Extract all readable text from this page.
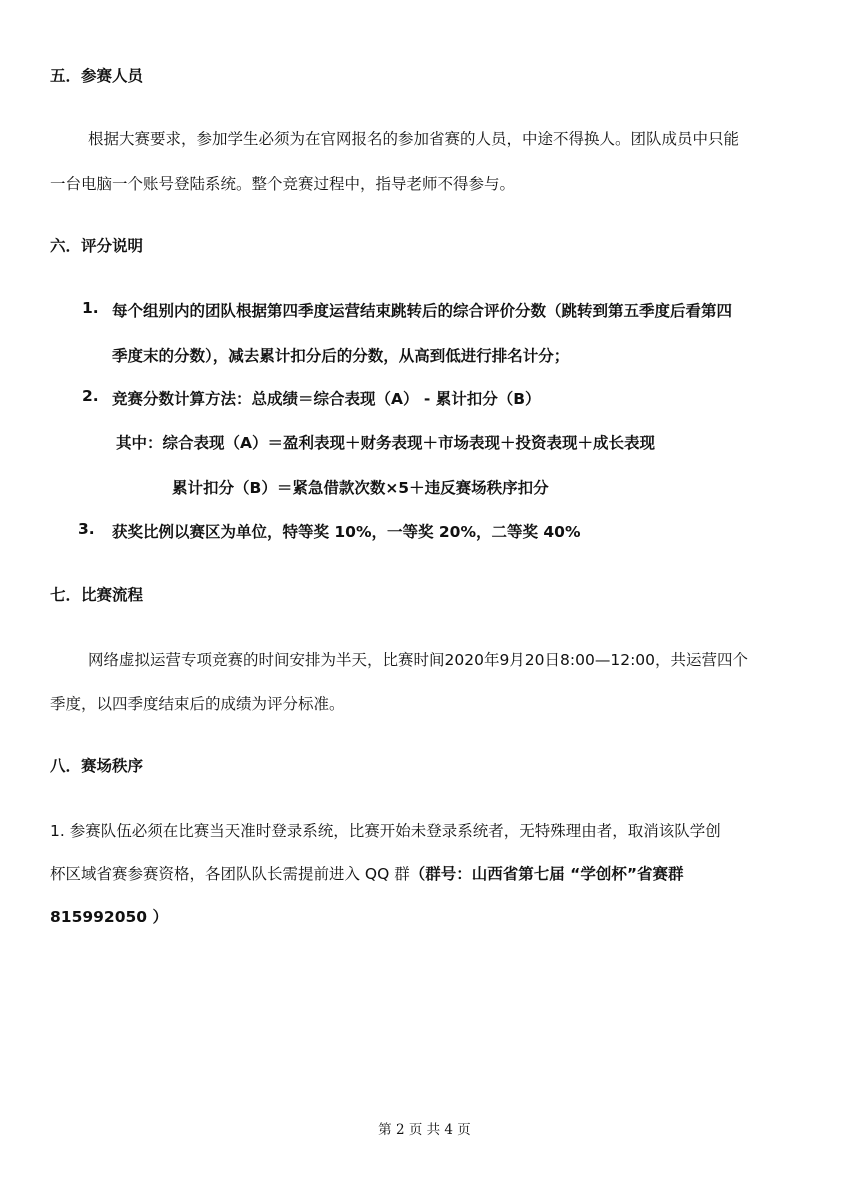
五．参赛人员

根据大赛要求，参加学生必须为在官网报名的参加省赛的人员，中途不得换人。团队成员中只能

一台电脑一个账号登陆系统。整个竞赛过程中，指导老师不得参与。

六．评分说明
1. 每个组别内的团队根据第四季度运营结束跳转后的综合评价分数（跳转到第五季度后看第四

季度末的分数），减去累计扣分后的分数，从高到低进行排名计分；

2. 竞赛分数计算方法：总成绩＝综合表现（A） - 累计扣分（B）

其中：综合表现（A）＝盈利表现＋财务表现＋市场表现＋投资表现＋成长表现

累计扣分（B）＝紧急借款次数×5＋违反赛场秩序扣分

3. 获奖比例以赛区为单位，特等奖 10%，一等奖 20%，二等奖 40%

七．比赛流程

网络虚拟运营专项竞赛的时间安排为半天，比赛时间2020年9月20日8:00—12:00，共运营四个

季度，以四季度结束后的成绩为评分标准。

八．赛场秩序

1. 参赛队伍必须在比赛当天准时登录系统，比赛开始未登录系统者，无特殊理由者，取消该队学创

杯区域省赛参赛资格，各团队队长需提前进入 QQ 群（群号：山西省第七届 “学创杯”省赛群

815992050 ）

第 2 页 共 4 页
